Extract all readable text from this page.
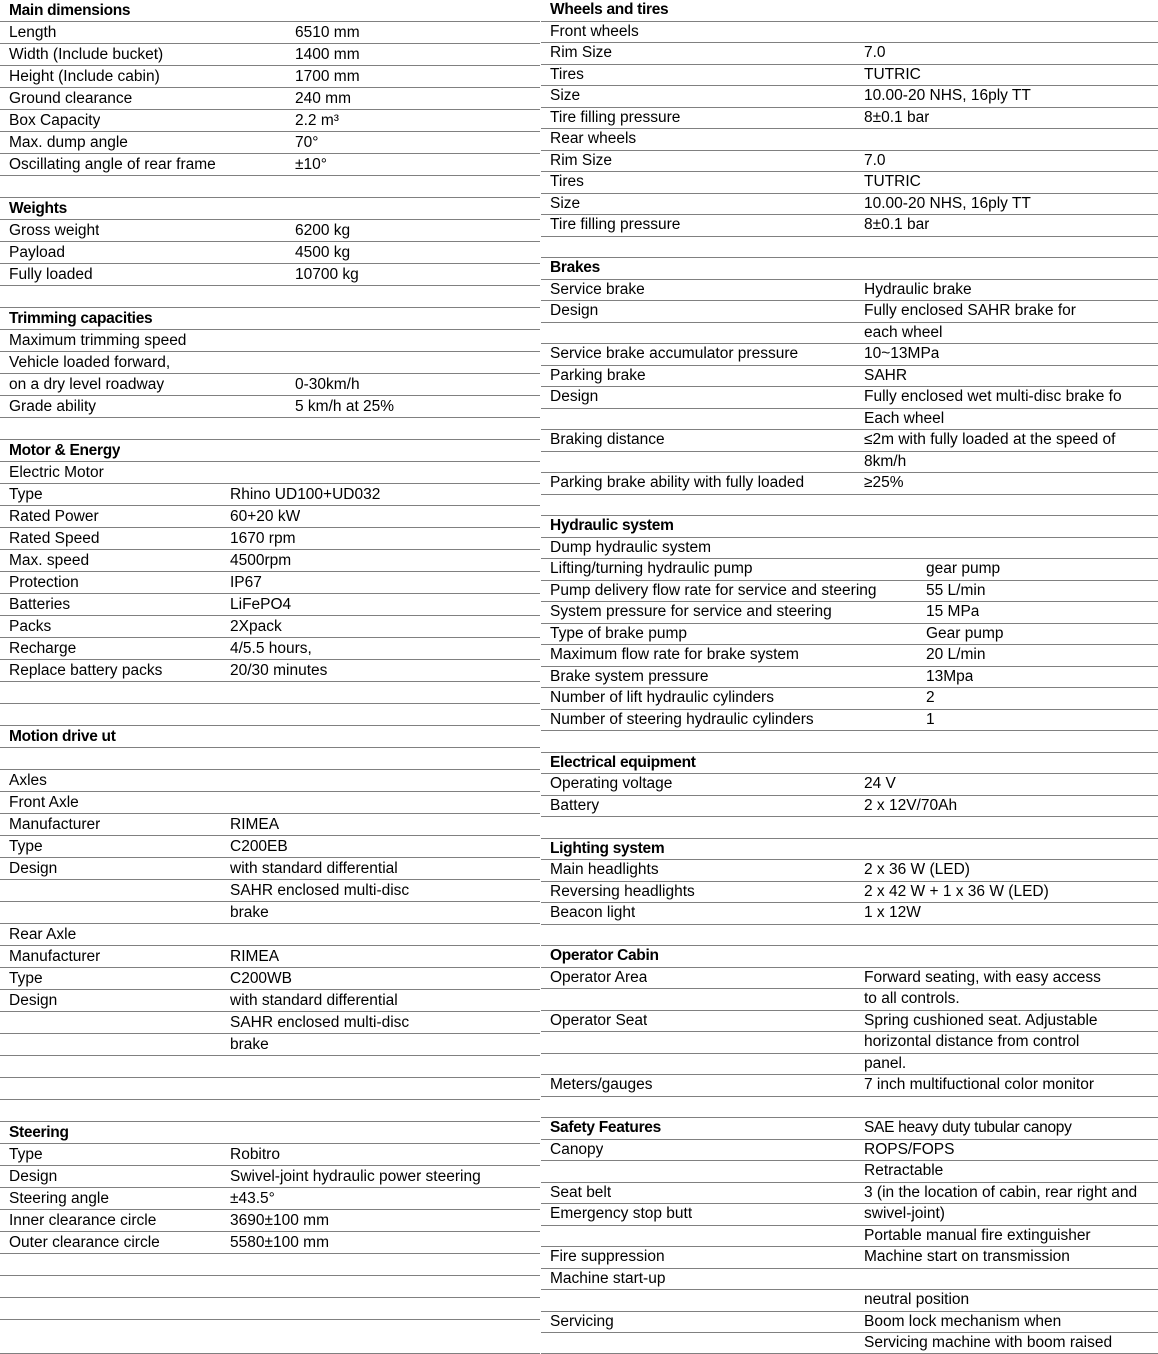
Main dimensions
Length	6510 mm
Width (Include bucket)	1400 mm
Height (Include cabin)	1700 mm
Ground clearance	240 mm
Box Capacity	2.2 m³
Max. dump angle	70°
Oscillating angle of rear frame	±10°
Weights
Gross weight	6200 kg
Payload	4500 kg
Fully loaded	10700 kg
Trimming capacities
Maximum trimming speed
Vehicle loaded forward,
on a dry level roadway	0-30km/h
Grade ability	5 km/h at 25%
Motor & Energy
Electric Motor
Type	Rhino UD100+UD032
Rated Power	60+20 kW
Rated Speed	1670 rpm
Max. speed	4500rpm
Protection	IP67
Batteries	LiFePO4
Packs	2Xpack
Recharge	4/5.5 hours,
Replace battery packs	20/30 minutes
Motion drive ut
Axles
Front Axle
Manufacturer	RIMEA
Type	C200EB
Design	with standard differential
SAHR enclosed multi-disc
brake
Rear Axle
Manufacturer	RIMEA
Type	C200WB
Design	with standard differential
SAHR enclosed multi-disc
brake
Steering
Type	Robitro
Design	Swivel-joint hydraulic power steering
Steering angle	±43.5°
Inner clearance circle	3690±100 mm
Outer clearance circle	5580±100 mm
Wheels and tires
Front wheels
Rim Size	7.0
Tires	TUTRIC
Size	10.00-20 NHS, 16ply TT
Tire filling pressure	8±0.1 bar
Rear wheels
Rim Size	7.0
Tires	TUTRIC
Size	10.00-20 NHS, 16ply TT
Tire filling pressure	8±0.1 bar
Brakes
Service brake	Hydraulic brake
Design	Fully enclosed SAHR brake for
each wheel
Service brake accumulator pressure	10~13MPa
Parking brake	SAHR
Design	Fully enclosed wet multi-disc brake fo
Each wheel
Braking distance	≤2m with fully loaded at the speed of
8km/h
Parking brake ability with fully loaded	≥25%
Hydraulic system
Dump hydraulic system
Lifting/turning hydraulic pump	gear pump
Pump delivery flow rate for service and steering	55 L/min
System pressure for service and steering	15 MPa
Type of brake pump	Gear pump
Maximum flow rate for brake system	20 L/min
Brake system pressure	13Mpa
Number of lift hydraulic cylinders	2
Number of steering hydraulic cylinders	1
Electrical equipment
Operating voltage	24 V
Battery	2 x 12V/70Ah
Lighting system
Main headlights	2 x 36 W (LED)
Reversing headlights	2 x 42 W + 1 x 36 W (LED)
Beacon light	1 x 12W
Operator Cabin
Operator Area	Forward seating, with easy access
to all controls.
Operator Seat	Spring cushioned seat. Adjustable
horizontal distance from control
panel.
Meters/gauges	7 inch multifuctional color monitor
Safety Features	SAE heavy duty tubular canopy
Canopy	ROPS/FOPS
Retractable
Seat belt	3 (in the location of cabin, rear right and
Emergency stop butt	swivel-joint)
Portable manual fire extinguisher
Fire suppression	Machine start on transmission
Machine start-up
neutral position
Servicing	Boom lock mechanism when
Servicing machine with boom raised
